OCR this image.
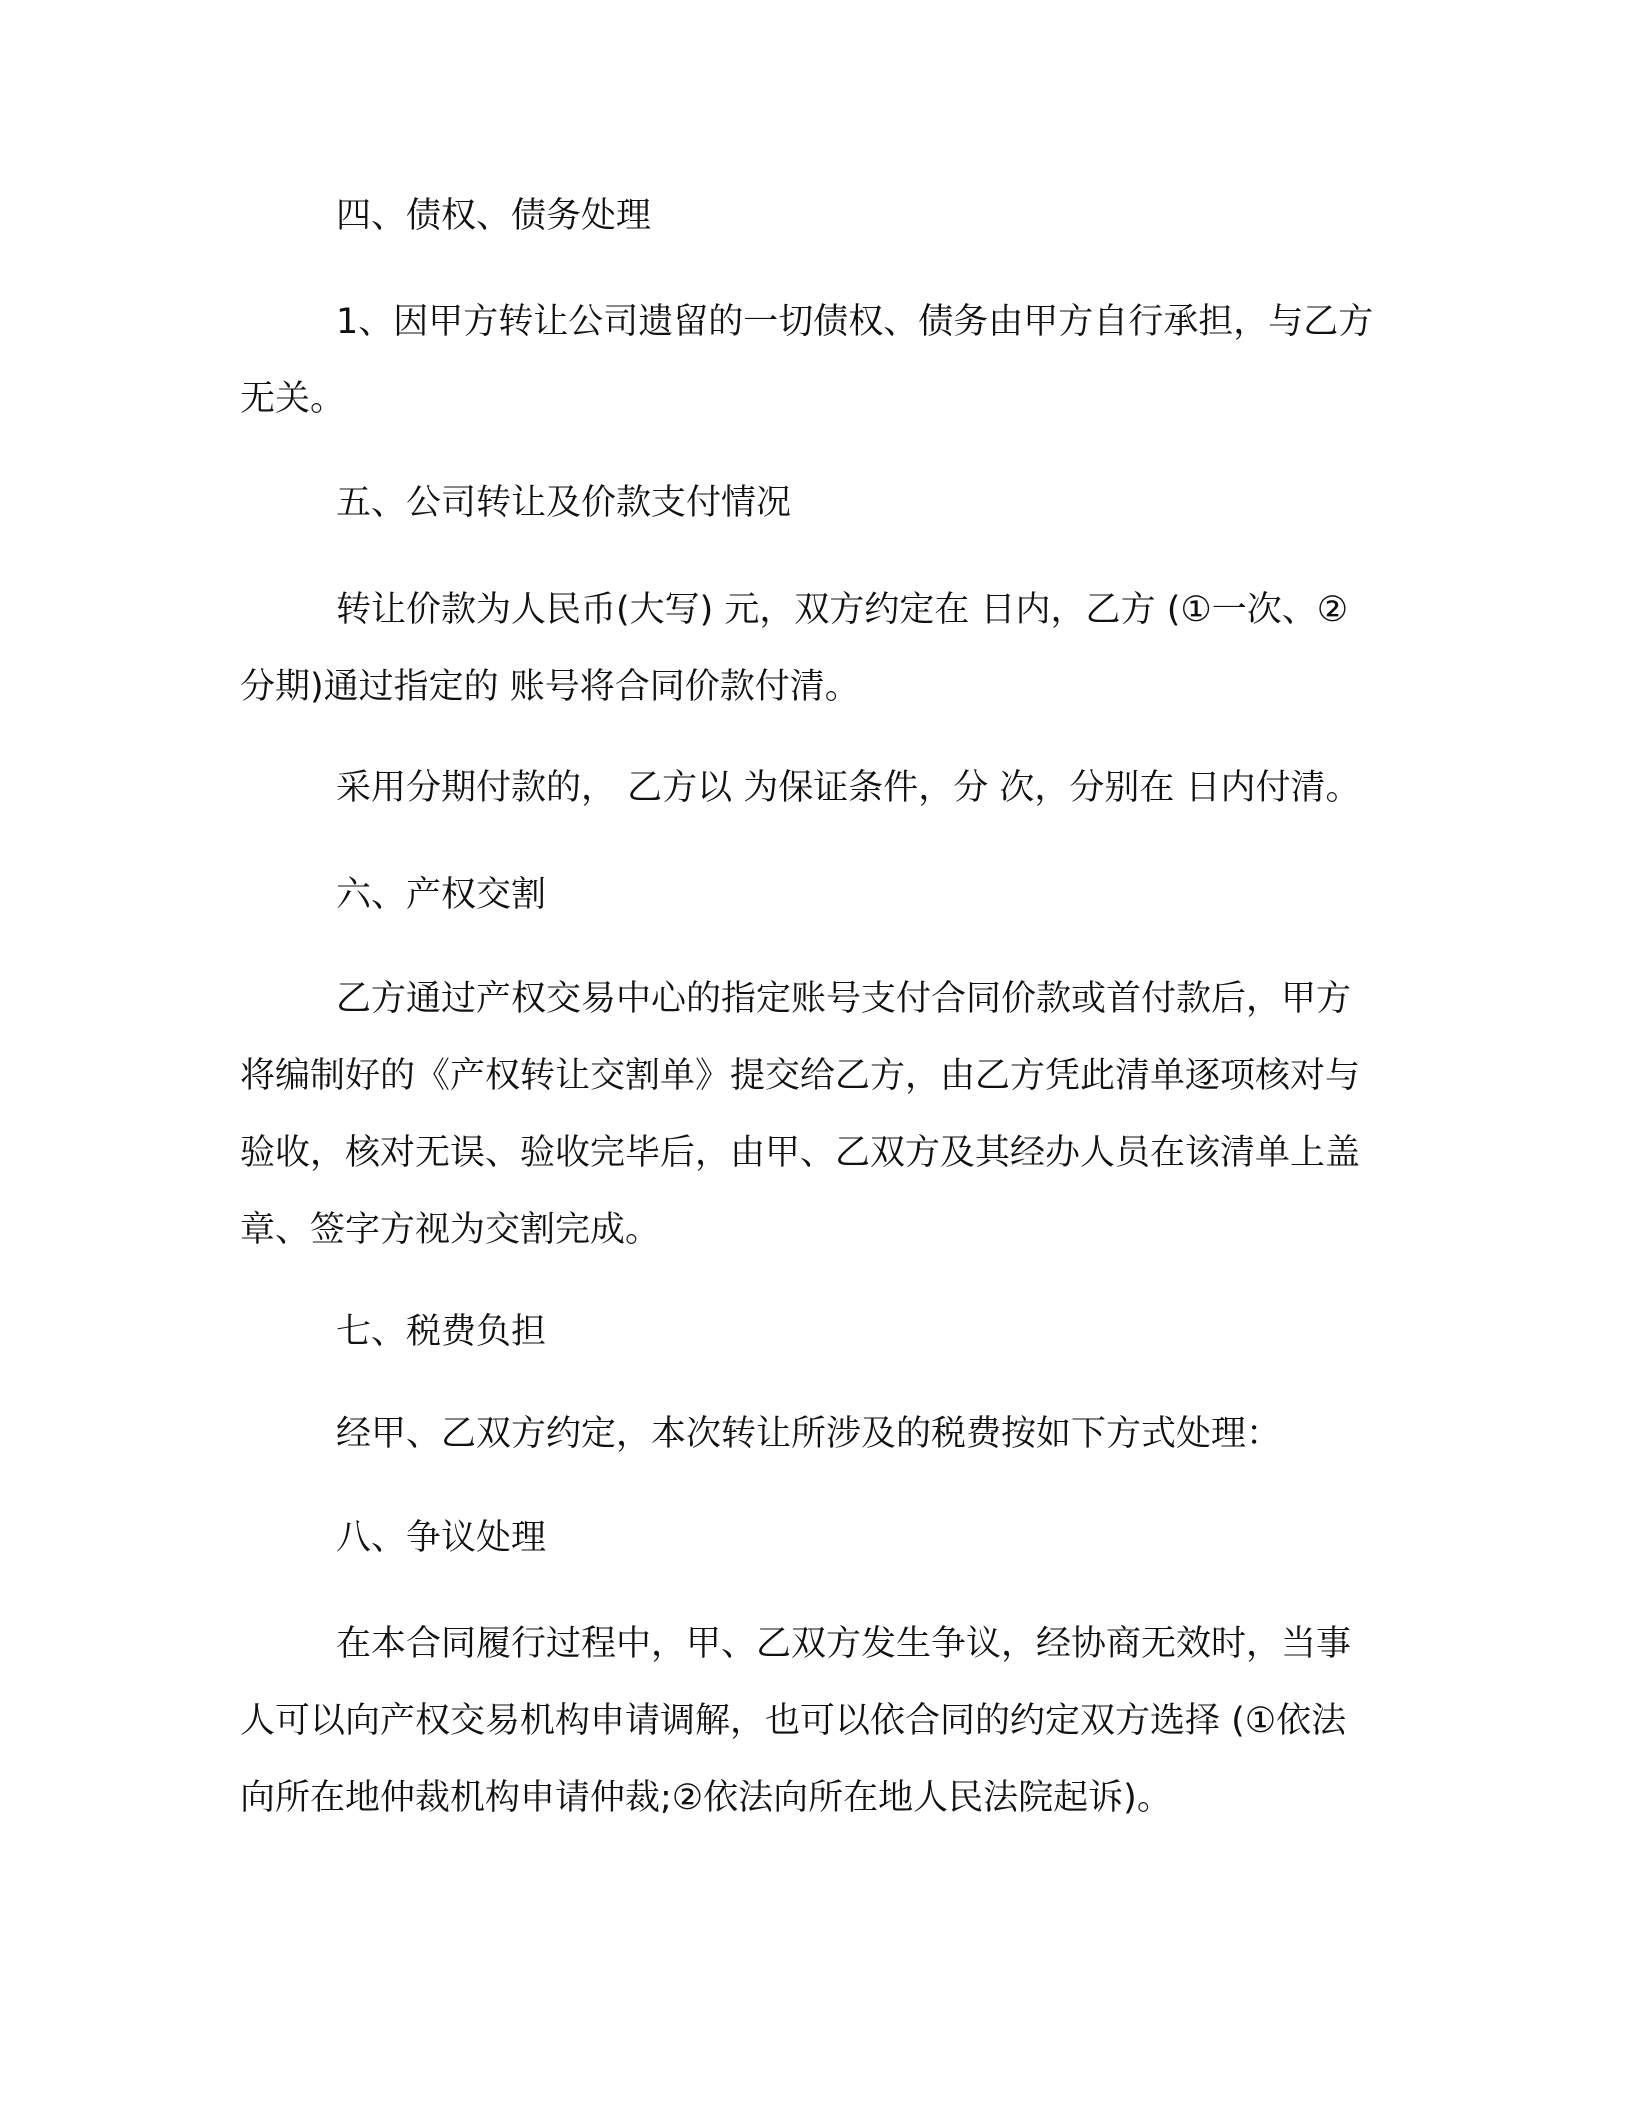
四、债权、债务处理

1、因甲方转让公司遗留的一切债权、债务由甲方自行承担，与乙方无关。

五、公司转让及价款支付情况

转让价款为人民币(大写) 元，双方约定在 日内，乙方 (①一次、②分期)通过指定的 账号将合同价款付清。

采用分期付款的， 乙方以 为保证条件，分 次，分别在 日内付清。

六、产权交割

乙方通过产权交易中心的指定账号支付合同价款或首付款后，甲方将编制好的《产权转让交割单》提交给乙方，由乙方凭此清单逐项核对与验收，核对无误、验收完毕后，由甲、乙双方及其经办人员在该清单上盖章、签字方视为交割完成。

七、税费负担

经甲、乙双方约定，本次转让所涉及的税费按如下方式处理：

八、争议处理

在本合同履行过程中，甲、乙双方发生争议，经协商无效时，当事人可以向产权交易机构申请调解，也可以依合同的约定双方选择 (①依法向所在地仲裁机构申请仲裁;②依法向所在地人民法院起诉)。
